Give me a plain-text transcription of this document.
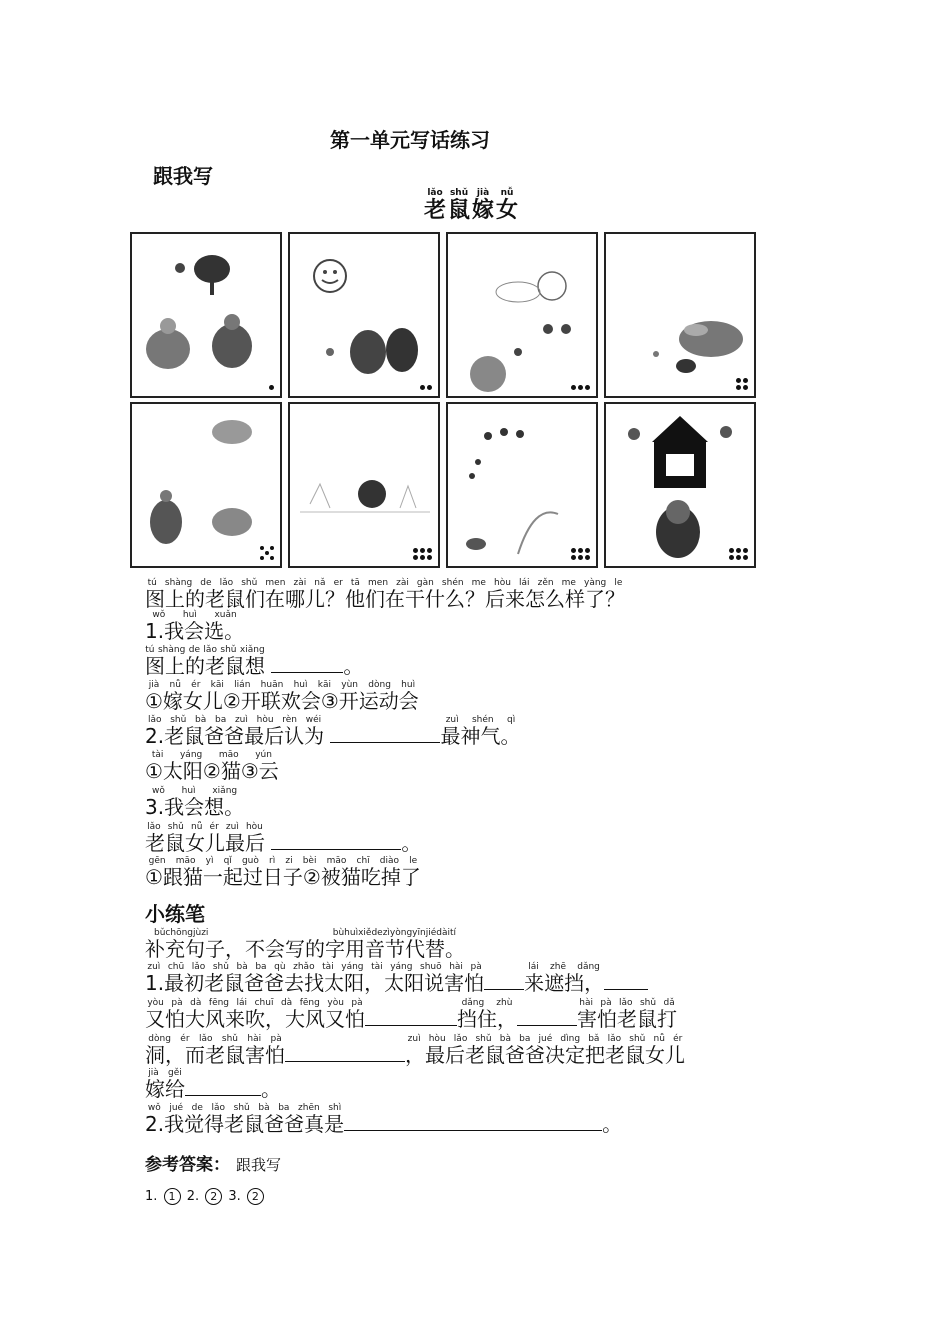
第一单元写话练习
跟我写
老lǎo鼠shǔ嫁jià女nǚ
图上的老鼠们在哪儿？他们在干什么？后来怎么样了？tú shàng de lǎo shǔ men zài nǎ er tā men zài gàn shén me hòu lái zěn me yàng le
1.我会选。wǒ huì xuǎn
图上的老鼠想tú shàng de lǎo shǔ xiǎng 。
①嫁女儿②开联欢会③开运动会jià nǚ ér kāi lián huān huì kāi yùn dòng huì
2.老鼠爸爸最后认为lǎo shǔ bà ba zuì hòu rèn wéi 最神气。zuì shén qì
①太阳②猫③云tài yáng māo yún
3.我会想。wǒ huì xiǎng
老鼠女儿最后lǎo shǔ nǚ ér zuì hòu 。
①跟猫一起过日子②被猫吃掉了gēn māo yì qǐ guò rì zi bèi māo chī diào le
小练笔
补充句子，不会写的字用音节代替。bǔchōngjùzi bùhuìxiědezìyòngyīnjiédàití
1.最初老鼠爸爸去找太阳，太阳说害怕zuì chū lǎo shǔ bà ba qù zhǎo tài yáng tài yáng shuō hài pà来遮挡，lái zhē dǎng
又怕大风来吹，大风又怕yòu pà dà fēng lái chuī dà fēng yòu pà挡住，dǎng zhù害怕老鼠打hài pà lǎo shǔ dǎ
洞，而老鼠害怕dòng ér lǎo shǔ hài pà，最后老鼠爸爸决定把老鼠女儿zuì hòu lǎo shǔ bà ba jué dìng bǎ lǎo shǔ nǚ ér
嫁给jià gěi。
2.我觉得老鼠爸爸真是wǒ jué de lǎo shǔ bà ba zhēn shì。
参考答案： 跟我写
1. 1 2. 2 3. 2
